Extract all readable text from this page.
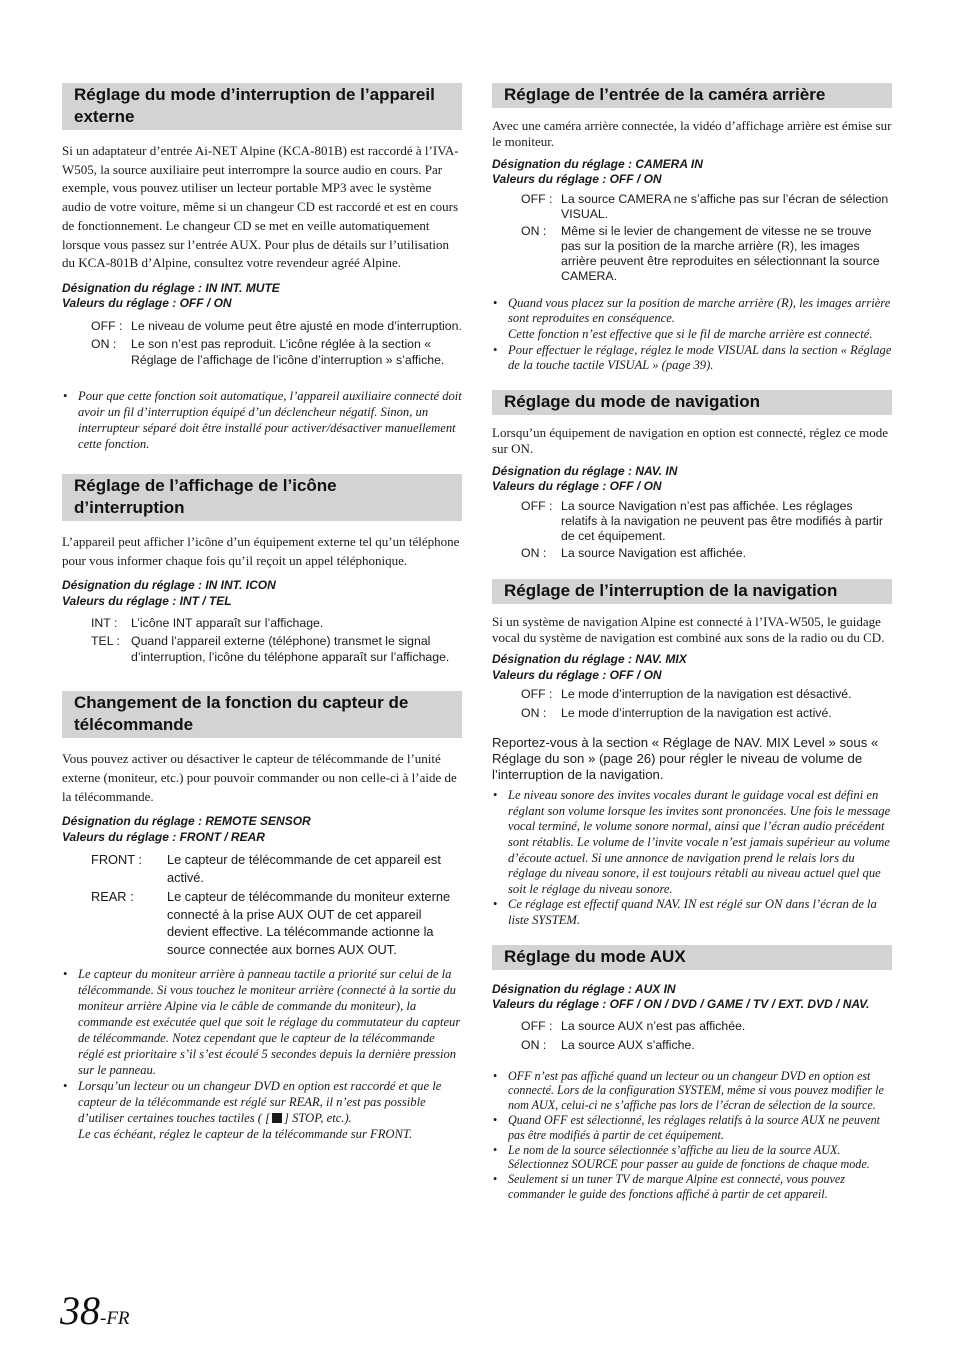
Réglage du mode d’interruption de l’appareil externe

Si un adaptateur d’entrée Ai-NET Alpine (KCA-801B) est raccordé à l’IVA-W505, la source auxiliaire peut interrompre la source audio en cours. Par exemple, vous pouvez utiliser un lecteur portable MP3 avec le système audio de votre voiture, même si un changeur CD est raccordé et est en cours de fonctionnement. Le changeur CD se met en veille automatiquement lorsque vous passez sur l’entrée AUX. Pour plus de détails sur l’utilisation du KCA-801B d’Alpine, consultez votre revendeur agréé Alpine.

Désignation du réglage : IN INT. MUTE

Valeurs du réglage : OFF / ON

OFF : Le niveau de volume peut être ajusté en mode d’interruption.
ON :	Le son n’est pas reproduit. L’icône réglée à la section « Réglage de l’affichage de l’icône d’interruption » s’affiche.
• Pour que cette fonction soit automatique, l’appareil auxiliaire connecté doit avoir un fil d’interruption équipé d’un déclencheur négatif. Sinon, un interrupteur séparé doit être installé pour activer/désactiver manuellement cette fonction.
Réglage de l’affichage de l’icône d’interruption

L’appareil peut afficher l’icône d’un équipement externe tel qu’un téléphone pour vous informer chaque fois qu’il reçoit un appel téléphonique.

Désignation du réglage : IN INT. ICON

Valeurs du réglage : INT / TEL

INT :	L’icône INT apparaît sur l’affichage.
TEL : Quand l’appareil externe (téléphone) transmet le signal d’interruption, l’icône du téléphone apparaît sur l’affichage.
Changement de la fonction du capteur de télécommande

Vous pouvez activer ou désactiver le capteur de télécommande de l’unité externe (moniteur, etc.) pour pouvoir commander ou non celle-ci à l’aide de la télécommande.

Désignation du réglage : REMOTE SENSOR

Valeurs du réglage : FRONT / REAR

FRONT :	Le capteur de télécommande de cet appareil est activé.
REAR :	Le capteur de télécommande du moniteur externe connecté à la prise AUX OUT de cet appareil devient effective. La télécommande actionne la source connectée aux bornes AUX OUT.
• Le capteur du moniteur arrière à panneau tactile a priorité sur celui de la télécommande. Si vous touchez le moniteur arrière (connecté à la sortie du moniteur arrière Alpine via le câble de commande du moniteur), la commande est exécutée quel que soit le réglage du commutateur du capteur de télécommande. Notez cependant que le capteur de la télécommande réglé est prioritaire s’il s’est écoulé 5 secondes depuis la dernière pression sur le panneau.
• Lorsqu’un lecteur ou un changeur DVD en option est raccordé et que le capteur de la télécommande est réglé sur REAR, il n’est pas possible d’utiliser certaines touches tactiles ( [ ] STOP, etc.).
Le cas échéant, réglez le capteur de la télécommande sur FRONT.
Réglage de l’entrée de la caméra arrière

Avec une caméra arrière connectée, la vidéo d’affichage arrière est émise sur le moniteur.

Désignation du réglage : CAMERA IN

Valeurs du réglage : OFF / ON

OFF : La source CAMERA ne s’affiche pas sur l’écran de sélection VISUAL.
ON :	Même si le levier de changement de vitesse ne se trouve pas sur la position de la marche arrière (R), les images arrière peuvent être reproduites en sélectionnant la source CAMERA.
• Quand vous placez sur la position de marche arrière (R), les images arrière sont reproduites en conséquence.
Cette fonction n’est effective que si le fil de marche arrière est connecté.
• Pour effectuer le réglage, réglez le mode VISUAL dans la section « Réglage de la touche tactile VISUAL » (page 39).
Réglage du mode de navigation

Lorsqu’un équipement de navigation en option est connecté, réglez ce mode sur ON.

Désignation du réglage : NAV. IN

Valeurs du réglage : OFF / ON

OFF : La source Navigation n’est pas affichée. Les réglages relatifs à la navigation ne peuvent pas être modifiés à partir de cet équipement.
ON :	La source Navigation est affichée.
Réglage de l’interruption de la navigation

Si un système de navigation Alpine est connecté à l’IVA-W505, le guidage vocal du système de navigation est combiné aux sons de la radio ou du CD.

Désignation du réglage : NAV. MIX

Valeurs du réglage : OFF / ON

OFF : Le mode d’interruption de la navigation est désactivé.
ON :	Le mode d’interruption de la navigation est activé.

Reportez-vous à la section « Réglage de NAV. MIX Level » sous « Réglage du son » (page 26) pour régler le niveau de volume de l’interruption de la navigation.

• Le niveau sonore des invites vocales durant le guidage vocal est défini en réglant son volume lorsque les invites sont prononcées. Une fois le message vocal terminé, le volume sonore normal, ainsi que l’écran audio précédent sont rétablis. Le volume de l’invite vocale n’est jamais supérieur au volume d’écoute actuel. Si une annonce de navigation prend le relais lors du réglage du niveau sonore, il est toujours rétabli au niveau actuel quel que soit le réglage du niveau sonore.
• Ce réglage est effectif quand NAV. IN est réglé sur ON dans l’écran de la liste SYSTEM.
Réglage du mode AUX

Désignation du réglage : AUX IN

Valeurs du réglage : OFF / ON / DVD / GAME / TV / EXT. DVD / NAV.

OFF : La source AUX n’est pas affichée.
ON :	La source AUX s’affiche.
• OFF n’est pas affiché quand un lecteur ou un changeur DVD en option est connecté. Lors de la configuration SYSTEM, même si vous pouvez modifier le nom AUX, celui-ci ne s’affiche pas lors de l’écran de sélection de la source.
• Quand OFF est sélectionné, les réglages relatifs à la source AUX ne peuvent pas être modifiés à partir de cet équipement.
• Le nom de la source sélectionnée s’affiche au lieu de la source AUX. Sélectionnez SOURCE pour passer au guide de fonctions de chaque mode.
• Seulement si un tuner TV de marque Alpine est connecté, vous pouvez commander le guide des fonctions affiché à partir de cet appareil.
38-FR
